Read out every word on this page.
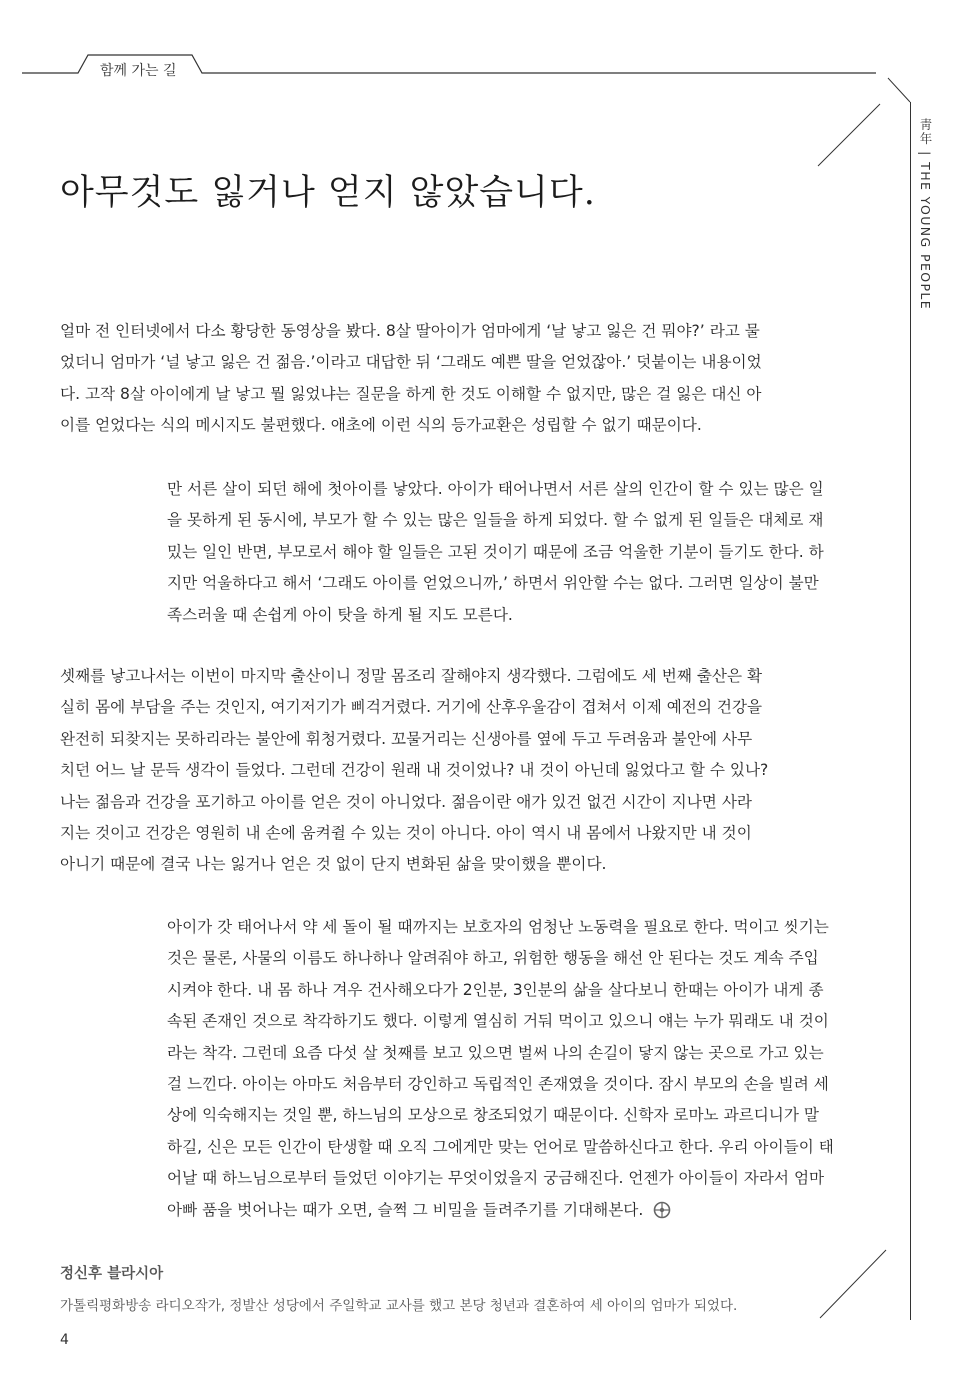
함께 가는 길
靑年 | THE YOUNG PEOPLE
아무것도 잃거나 얻지 않았습니다.

얼마 전 인터넷에서 다소 황당한 동영상을 봤다. 8살 딸아이가 엄마에게 ‘날 낳고 잃은 건 뭐야?’ 라고 물
었더니 엄마가 ‘널 낳고 잃은 건 젊음.’이라고 대답한 뒤 ‘그래도 예쁜 딸을 얻었잖아.’ 덧붙이는 내용이었
다. 고작 8살 아이에게 날 낳고 뭘 잃었냐는 질문을 하게 한 것도 이해할 수 없지만, 많은 걸 잃은 대신 아
이를 얻었다는 식의 메시지도 불편했다. 애초에 이런 식의 등가교환은 성립할 수 없기 때문이다.

만 서른 살이 되던 해에 첫아이를 낳았다. 아이가 태어나면서 서른 살의 인간이 할 수 있는 많은 일
을 못하게 된 동시에, 부모가 할 수 있는 많은 일들을 하게 되었다. 할 수 없게 된 일들은 대체로 재
밌는 일인 반면, 부모로서 해야 할 일들은 고된 것이기 때문에 조금 억울한 기분이 들기도 한다. 하
지만 억울하다고 해서 ‘그래도 아이를 얻었으니까,’ 하면서 위안할 수는 없다. 그러면 일상이 불만
족스러울 때 손쉽게 아이 탓을 하게 될 지도 모른다.

셋째를 낳고나서는 이번이 마지막 출산이니 정말 몸조리 잘해야지 생각했다. 그럼에도 세 번째 출산은 확
실히 몸에 부담을 주는 것인지, 여기저기가 삐걱거렸다. 거기에 산후우울감이 겹쳐서 이제 예전의 건강을
완전히 되찾지는 못하리라는 불안에 휘청거렸다. 꼬물거리는 신생아를 옆에 두고 두려움과 불안에 사무
치던 어느 날 문득 생각이 들었다. 그런데 건강이 원래 내 것이었나? 내 것이 아닌데 잃었다고 할 수 있나?
나는 젊음과 건강을 포기하고 아이를 얻은 것이 아니었다. 젊음이란 애가 있건 없건 시간이 지나면 사라
지는 것이고 건강은 영원히 내 손에 움켜쥘 수 있는 것이 아니다. 아이 역시 내 몸에서 나왔지만 내 것이
아니기 때문에 결국 나는 잃거나 얻은 것 없이 단지 변화된 삶을 맞이했을 뿐이다.

아이가 갓 태어나서 약 세 돌이 될 때까지는 보호자의 엄청난 노동력을 필요로 한다. 먹이고 씻기는
것은 물론, 사물의 이름도 하나하나 알려줘야 하고, 위험한 행동을 해선 안 된다는 것도 계속 주입
시켜야 한다. 내 몸 하나 겨우 건사해오다가 2인분, 3인분의 삶을 살다보니 한때는 아이가 내게 종
속된 존재인 것으로 착각하기도 했다. 이렇게 열심히 거둬 먹이고 있으니 얘는 누가 뭐래도 내 것이
라는 착각. 그런데 요즘 다섯 살 첫째를 보고 있으면 벌써 나의 손길이 닿지 않는 곳으로 가고 있는
걸 느낀다. 아이는 아마도 처음부터 강인하고 독립적인 존재였을 것이다. 잠시 부모의 손을 빌려 세
상에 익숙해지는 것일 뿐, 하느님의 모상으로 창조되었기 때문이다. 신학자 로마노 과르디니가 말
하길, 신은 모든 인간이 탄생할 때 오직 그에게만 맞는 언어로 말씀하신다고 한다. 우리 아이들이 태
어날 때 하느님으로부터 들었던 이야기는 무엇이었을지 궁금해진다. 언젠가 아이들이 자라서 엄마
아빠 품을 벗어나는 때가 오면, 슬쩍 그 비밀을 들려주기를 기대해본다.
정신후 블라시아
가톨릭평화방송 라디오작가, 정발산 성당에서 주일학교 교사를 했고 본당 청년과 결혼하여 세 아이의 엄마가 되었다.
4
